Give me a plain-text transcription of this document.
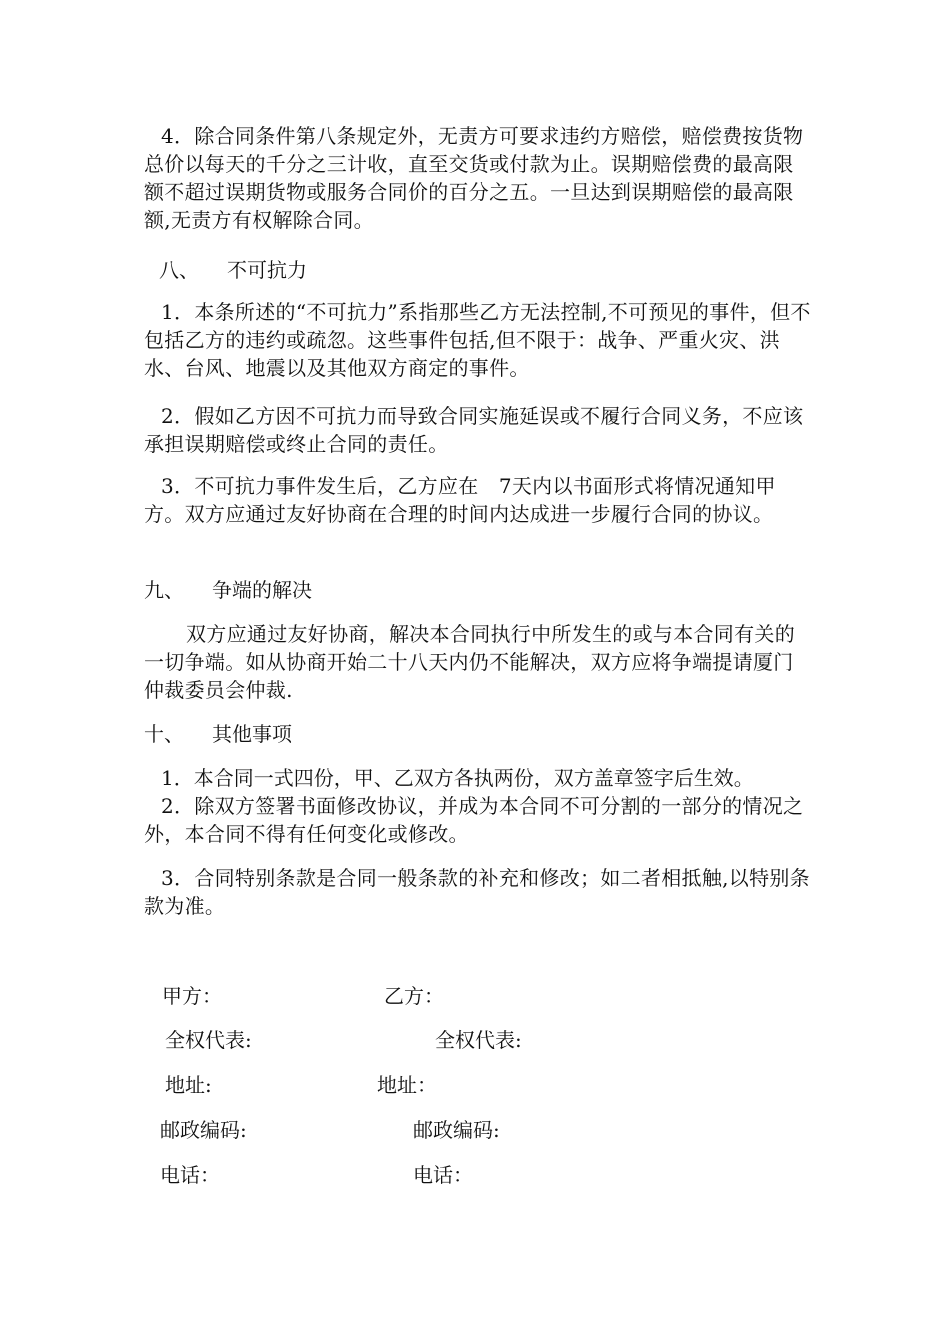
4．除合同条件第八条规定外，无责方可要求违约方赔偿，赔偿费按货物总价以每天的千分之三计收，直至交货或付款为止。误期赔偿费的最高限额不超过误期货物或服务合同价的百分之五。一旦达到误期赔偿的最高限额,无责方有权解除合同。

八、 不可抗力

1．本条所述的“不可抗力”系指那些乙方无法控制,不可预见的事件，但不包括乙方的违约或疏忽。这些事件包括,但不限于：战争、严重火灾、洪水、台风、地震以及其他双方商定的事件。

2．假如乙方因不可抗力而导致合同实施延误或不履行合同义务，不应该承担误期赔偿或终止合同的责任。

3．不可抗力事件发生后，乙方应在　7天内以书面形式将情况通知甲方。双方应通过友好协商在合理的时间内达成进一步履行合同的协议。

九、 争端的解决

双方应通过友好协商，解决本合同执行中所发生的或与本合同有关的一切争端。如从协商开始二十八天内仍不能解决，双方应将争端提请厦门仲裁委员会仲裁.

十、 其他事项

1．本合同一式四份，甲、乙双方各执两份，双方盖章签字后生效。

2．除双方签署书面修改协议，并成为本合同不可分割的一部分的情况之外，本合同不得有任何变化或修改。

3．合同特别条款是合同一般条款的补充和修改；如二者相抵触,以特别条款为准。

甲方：	乙方：
全权代表:	全权代表:
地址:	地址：
邮政编码:	邮政编码:
电话：	电话：
